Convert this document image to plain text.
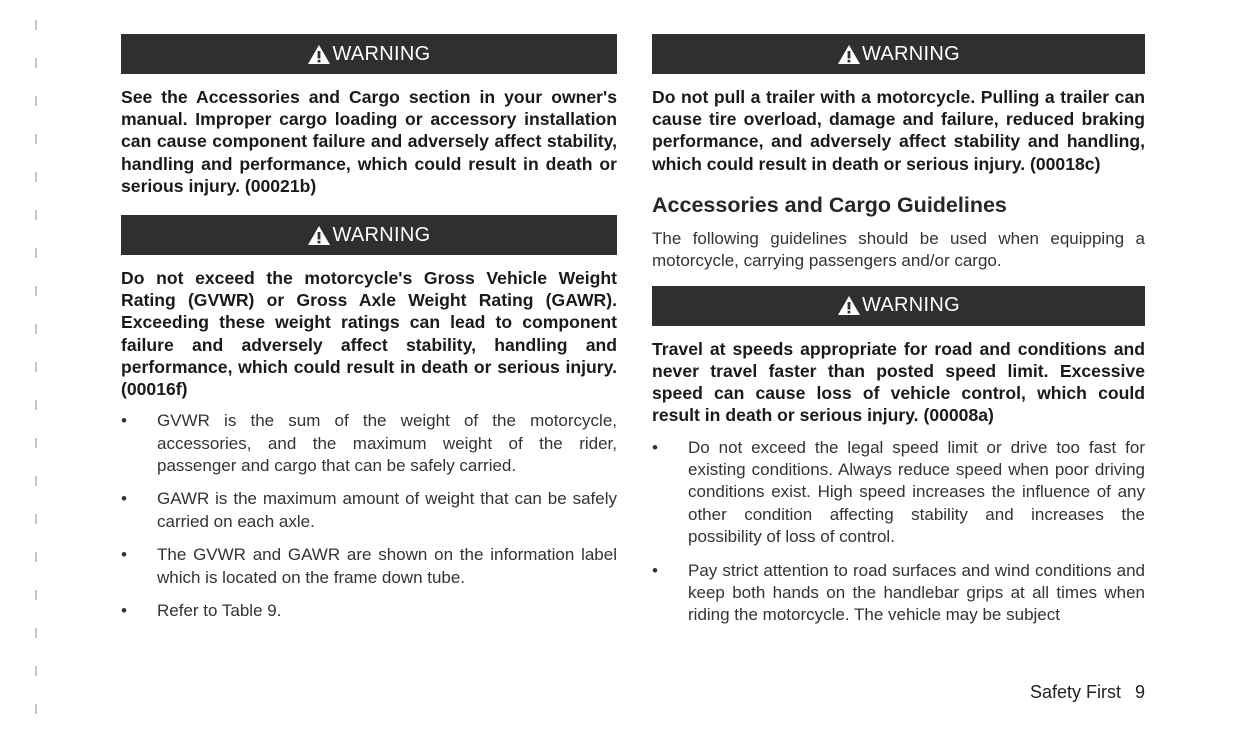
WARNING

See the Accessories and Cargo section in your owner's manual. Improper cargo loading or accessory installation can cause component failure and adversely affect stability, handling and performance, which could result in death or serious injury. (00021b)

WARNING

Do not exceed the motorcycle's Gross Vehicle Weight Rating (GVWR) or Gross Axle Weight Rating (GAWR). Exceeding these weight ratings can lead to component failure and adversely affect stability, handling and performance, which could result in death or serious injury. (00016f)

• GVWR is the sum of the weight of the motorcycle, accessories, and the maximum weight of the rider, passenger and cargo that can be safely carried.
• GAWR is the maximum amount of weight that can be safely carried on each axle.
• The GVWR and GAWR are shown on the information label which is located on the frame down tube.
• Refer to Table 9.
WARNING

Do not pull a trailer with a motorcycle. Pulling a trailer can cause tire overload, damage and failure, reduced braking performance, and adversely affect stability and handling, which could result in death or serious injury. (00018c)

Accessories and Cargo Guidelines

The following guidelines should be used when equipping a motorcycle, carrying passengers and/or cargo.

WARNING

Travel at speeds appropriate for road and conditions and never travel faster than posted speed limit. Excessive speed can cause loss of vehicle control, which could result in death or serious injury. (00008a)

• Do not exceed the legal speed limit or drive too fast for existing conditions. Always reduce speed when poor driving conditions exist. High speed increases the influence of any other condition affecting stability and increases the possibility of loss of control.
• Pay strict attention to road surfaces and wind conditions and keep both hands on the handlebar grips at all times when riding the motorcycle. The vehicle may be subject
Safety First 9
